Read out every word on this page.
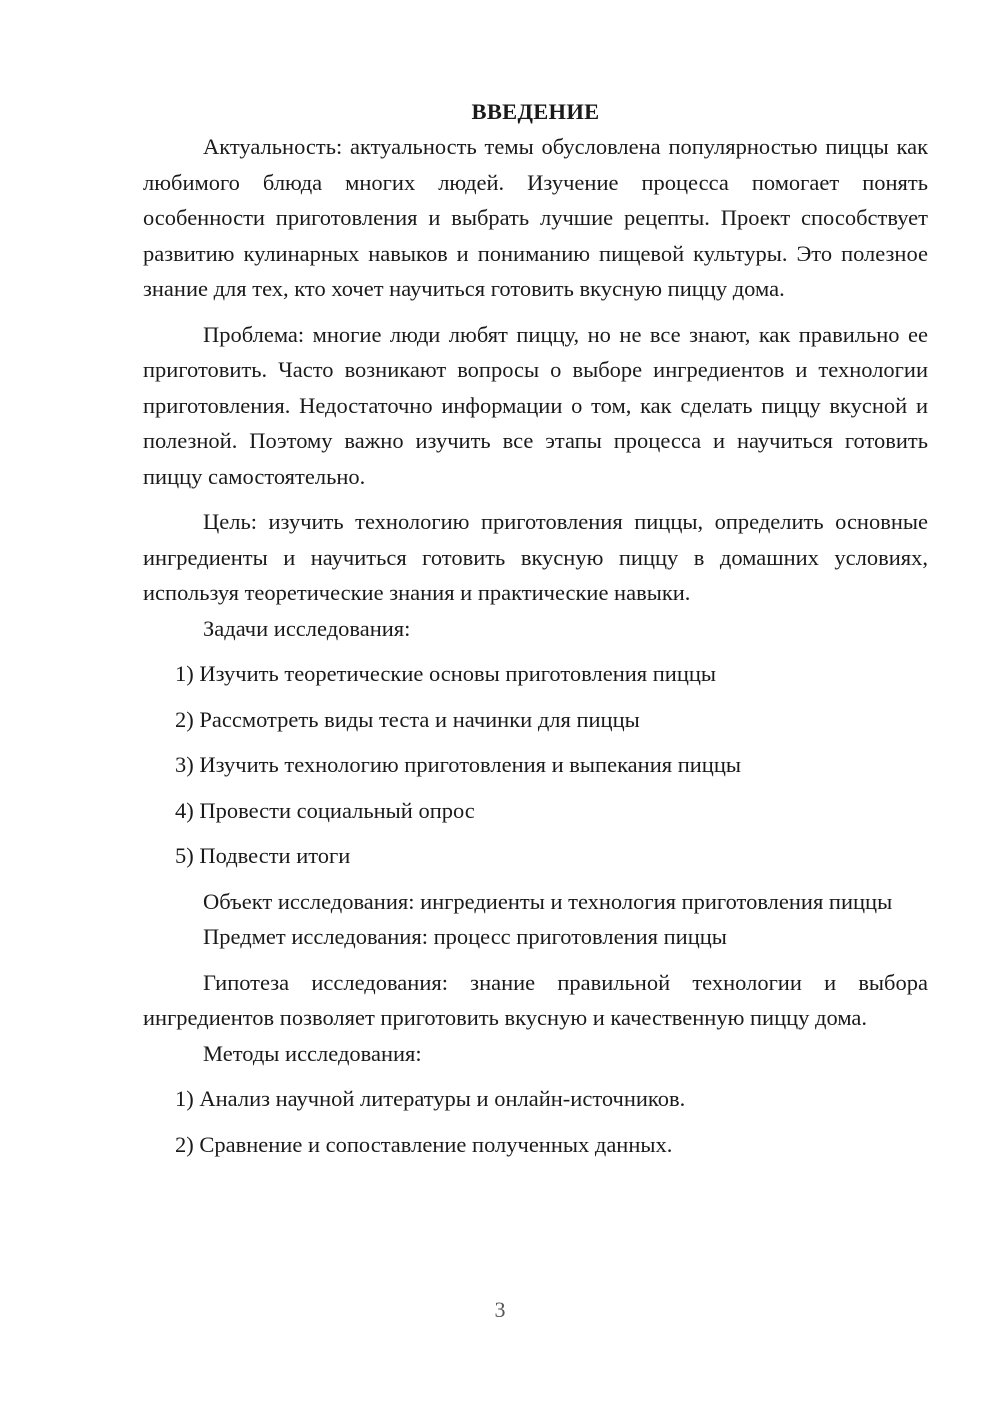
ВВЕДЕНИЕ

Актуальность: актуальность темы обусловлена популярностью пиццы как любимого блюда многих людей. Изучение процесса помогает понять особенности приготовления и выбрать лучшие рецепты. Проект способствует развитию кулинарных навыков и пониманию пищевой культуры. Это полезное знание для тех, кто хочет научиться готовить вкусную пиццу дома.

Проблема: многие люди любят пиццу, но не все знают, как правильно ее приготовить. Часто возникают вопросы о выборе ингредиентов и технологии приготовления. Недостаточно информации о том, как сделать пиццу вкусной и полезной. Поэтому важно изучить все этапы процесса и научиться готовить пиццу самостоятельно.

Цель: изучить технологию приготовления пиццы, определить основные ингредиенты и научиться готовить вкусную пиццу в домашних условиях, используя теоретические знания и практические навыки.

Задачи исследования:

1) Изучить теоретические основы приготовления пиццы

2) Рассмотреть виды теста и начинки для пиццы

3) Изучить технологию приготовления и выпекания пиццы

4) Провести социальный опрос

5) Подвести итоги

Объект исследования: ингредиенты и технология приготовления пиццы

Предмет исследования: процесс приготовления пиццы

Гипотеза исследования: знание правильной технологии и выбора ингредиентов позволяет приготовить вкусную и качественную пиццу дома.

Методы исследования:

1) Анализ научной литературы и онлайн-источников.

2) Сравнение и сопоставление полученных данных.

3
